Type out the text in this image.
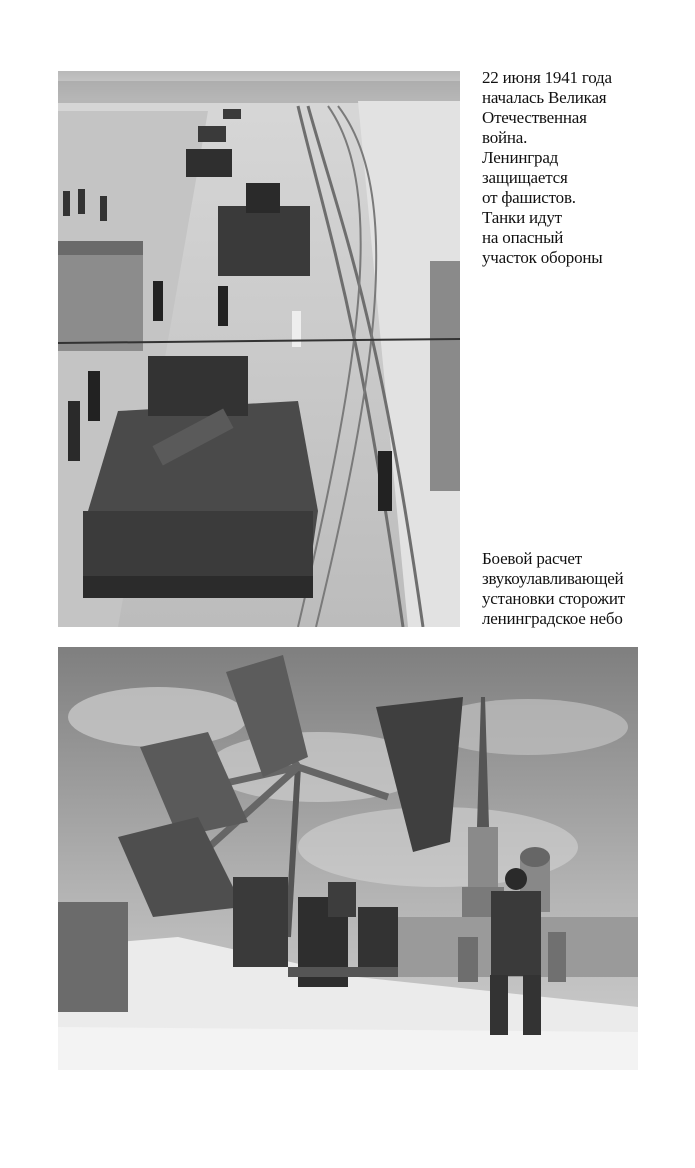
22 июня 1941 года
началась Великая
Отечественная
война.
Ленинград
защищается
от фашистов.
Танки идут
на опасный
участок обороны
Боевой расчет
звукоулавливающей
установки сторожит
ленинградское небо
